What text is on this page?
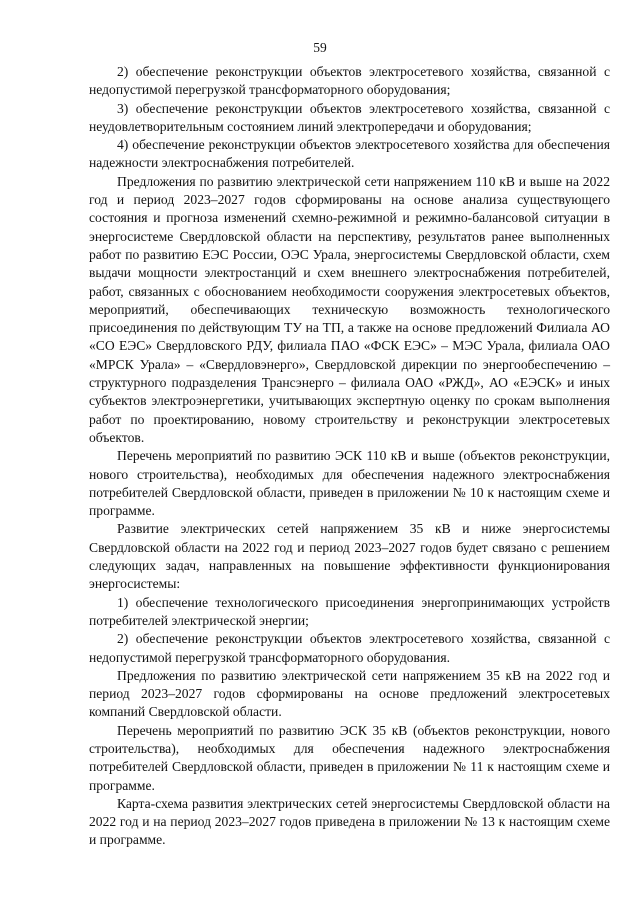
59

2) обеспечение реконструкции объектов электросетевого хозяйства, связанной с недопустимой перегрузкой трансформаторного оборудования;

3) обеспечение реконструкции объектов электросетевого хозяйства, связанной с неудовлетворительным состоянием линий электропередачи и оборудования;

4) обеспечение реконструкции объектов электросетевого хозяйства для обеспечения надежности электроснабжения потребителей.

Предложения по развитию электрической сети напряжением 110 кВ и выше на 2022 год и период 2023–2027 годов сформированы на основе анализа существующего состояния и прогноза изменений схемно-режимной и режимно-балансовой ситуации в энергосистеме Свердловской области на перспективу, результатов ранее выполненных работ по развитию ЕЭС России, ОЭС Урала, энергосистемы Свердловской области, схем выдачи мощности электростанций и схем внешнего электроснабжения потребителей, работ, связанных с обоснованием необходимости сооружения электросетевых объектов, мероприятий, обеспечивающих техническую возможность технологического присоединения по действующим ТУ на ТП, а также на основе предложений Филиала АО «СО ЕЭС» Свердловского РДУ, филиала ПАО «ФСК ЕЭС» – МЭС Урала, филиала ОАО «МРСК Урала» – «Свердловэнерго», Свердловской дирекции по энергообеспечению – структурного подразделения Трансэнерго – филиала ОАО «РЖД», АО «ЕЭСК» и иных субъектов электроэнергетики, учитывающих экспертную оценку по срокам выполнения работ по проектированию, новому строительству и реконструкции электросетевых объектов.

Перечень мероприятий по развитию ЭСК 110 кВ и выше (объектов реконструкции, нового строительства), необходимых для обеспечения надежного электроснабжения потребителей Свердловской области, приведен в приложении № 10 к настоящим схеме и программе.

Развитие электрических сетей напряжением 35 кВ и ниже энергосистемы Свердловской области на 2022 год и период 2023–2027 годов будет связано с решением следующих задач, направленных на повышение эффективности функционирования энергосистемы:

1) обеспечение технологического присоединения энергопринимающих устройств потребителей электрической энергии;

2) обеспечение реконструкции объектов электросетевого хозяйства, связанной с недопустимой перегрузкой трансформаторного оборудования.

Предложения по развитию электрической сети напряжением 35 кВ на 2022 год и период 2023–2027 годов сформированы на основе предложений электросетевых компаний Свердловской области.

Перечень мероприятий по развитию ЭСК 35 кВ (объектов реконструкции, нового строительства), необходимых для обеспечения надежного электроснабжения потребителей Свердловской области, приведен в приложении № 11 к настоящим схеме и программе.

Карта-схема развития электрических сетей энергосистемы Свердловской области на 2022 год и на период 2023–2027 годов приведена в приложении № 13 к настоящим схеме и программе.
